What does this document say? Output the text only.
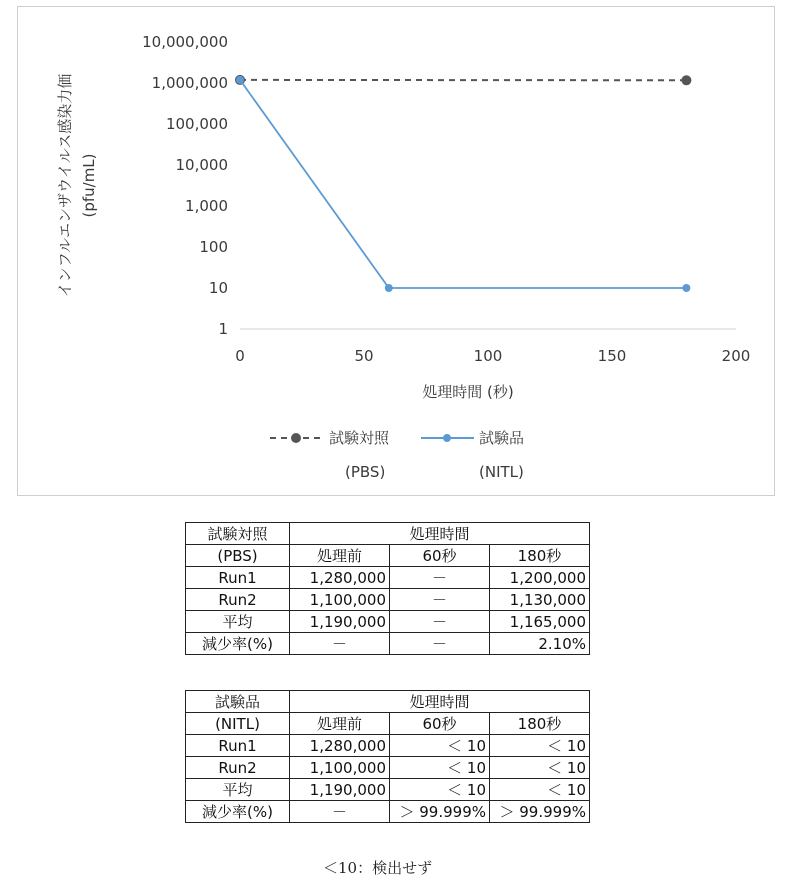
インフルエンザウイルス感染力価 (pfu/mL)
1
10
100
1,000
10,000
100,000
1,000,000
10,000,000
0	50	100	150	200
処理時間 (秒)
試験対照
(PBS)
試験品
(NITL)
試験対照	処理時間		
(PBS)	処理前	60秒	180秒
Run1	1,280,000	－	1,200,000
Run2	1,100,000	－	1,130,000
平均	1,190,000	－	1,165,000
減少率(%)	－	－	2.10%
試験品	処理時間		
(NITL)	処理前	60秒	180秒
Run1	1,280,000	＜ 10	＜ 10
Run2	1,100,000	＜ 10	＜ 10
平均	1,190,000	＜ 10	＜ 10
減少率(%)	－	＞ 99.999%	＞ 99.999%
＜10：検出せず
